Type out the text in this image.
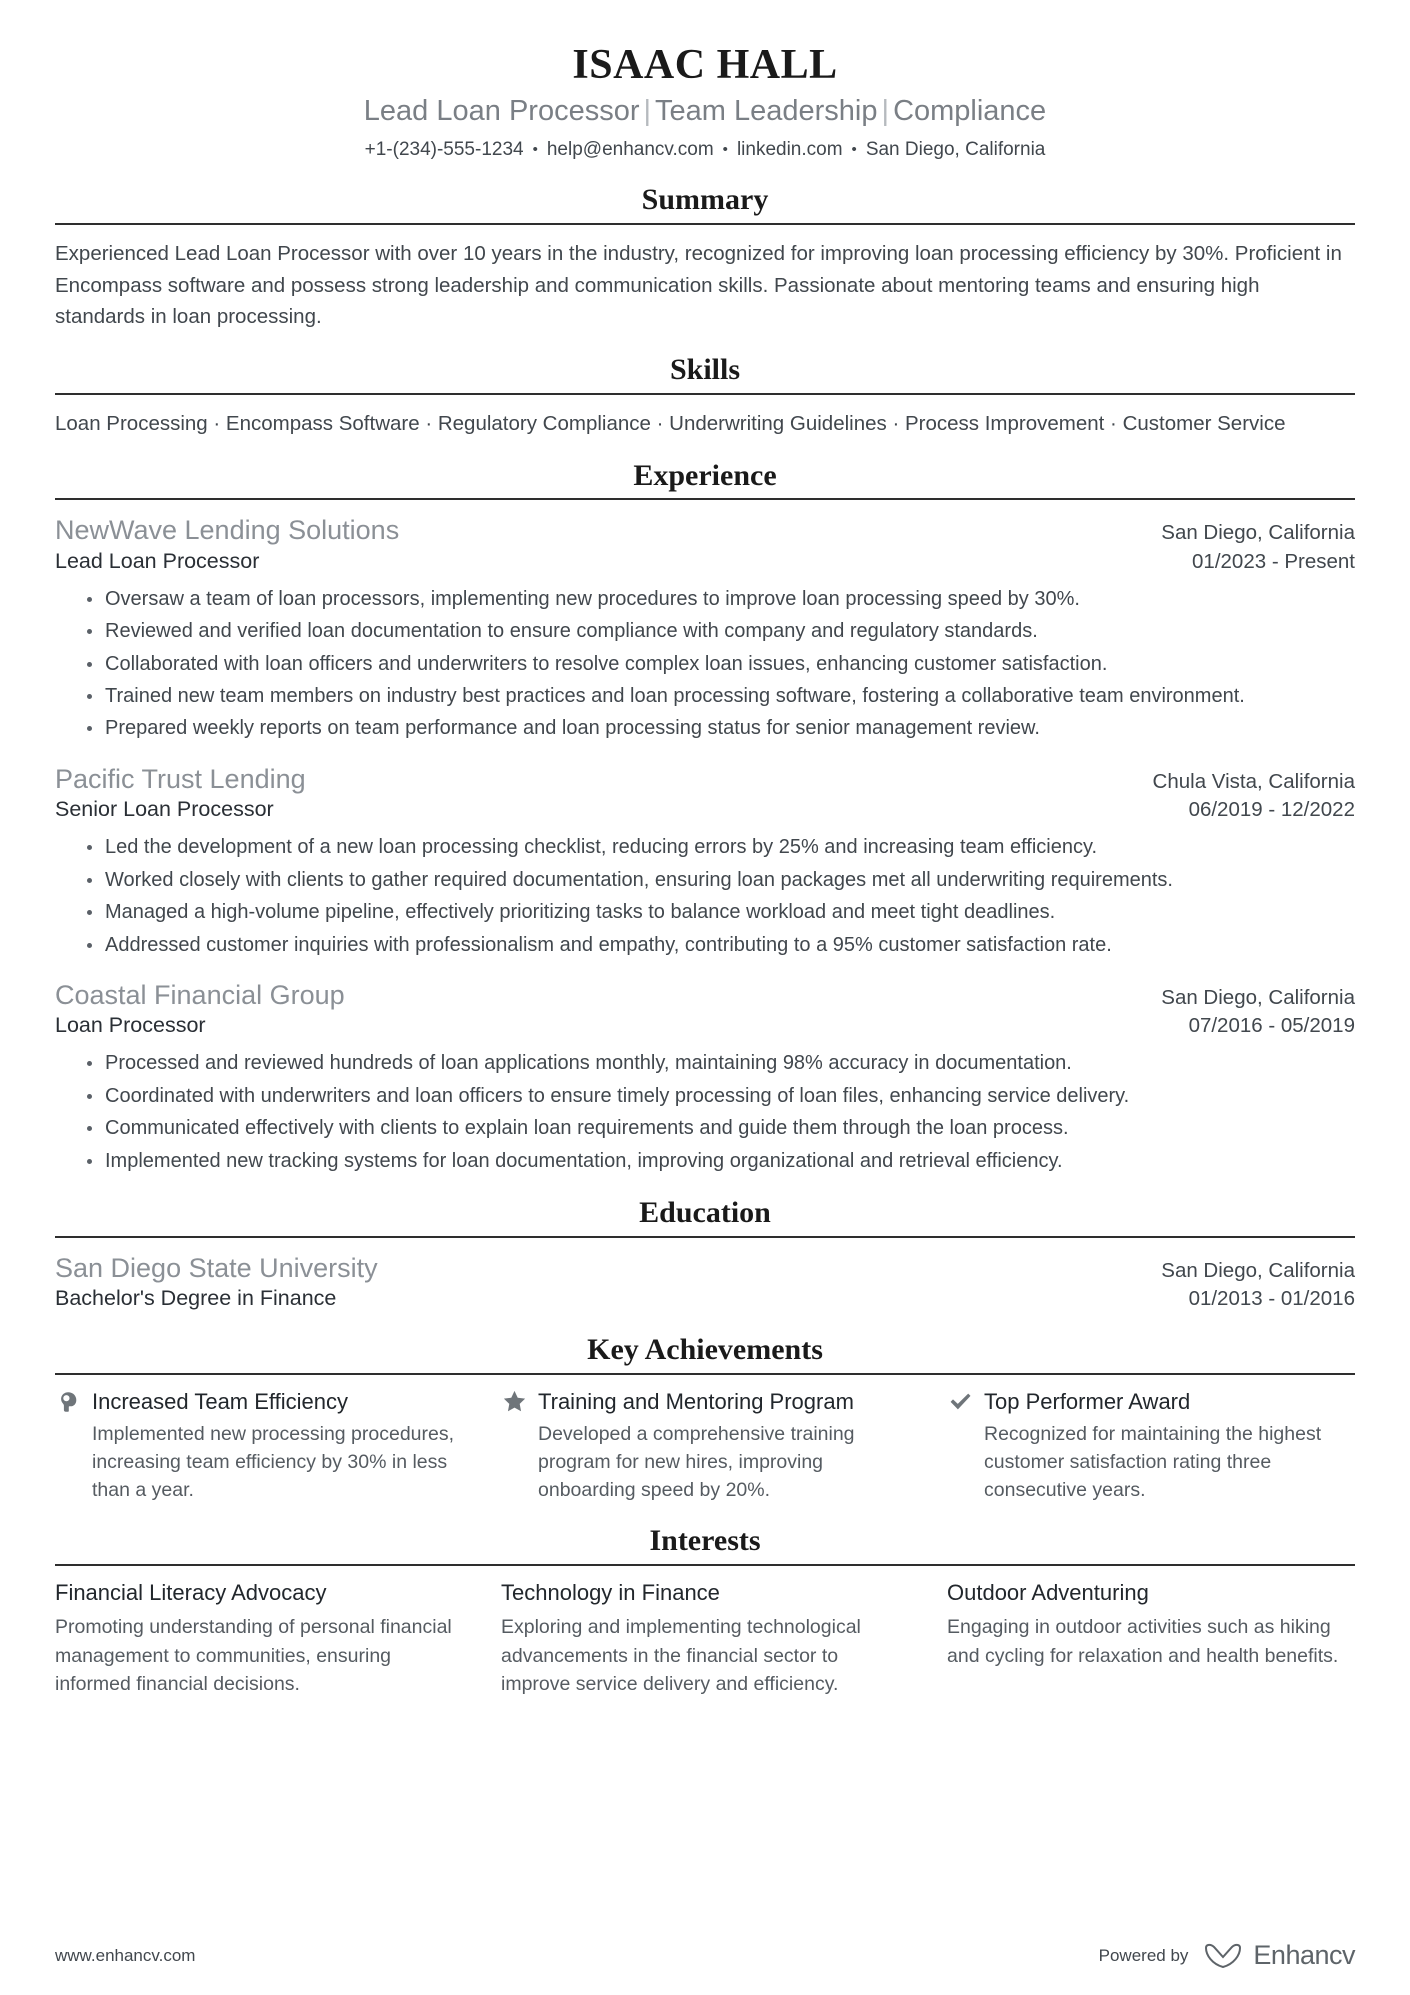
ISAAC HALL
Lead Loan Processor | Team Leadership | Compliance
+1-(234)-555-1234 • help@enhancv.com • linkedin.com • San Diego, California
Summary
Experienced Lead Loan Processor with over 10 years in the industry, recognized for improving loan processing efficiency by 30%. Proficient in Encompass software and possess strong leadership and communication skills. Passionate about mentoring teams and ensuring high standards in loan processing.
Skills
Loan Processing · Encompass Software · Regulatory Compliance · Underwriting Guidelines · Process Improvement · Customer Service
Experience
NewWave Lending Solutions	San Diego, California
Lead Loan Processor	01/2023 - Present
Oversaw a team of loan processors, implementing new procedures to improve loan processing speed by 30%.
Reviewed and verified loan documentation to ensure compliance with company and regulatory standards.
Collaborated with loan officers and underwriters to resolve complex loan issues, enhancing customer satisfaction.
Trained new team members on industry best practices and loan processing software, fostering a collaborative team environment.
Prepared weekly reports on team performance and loan processing status for senior management review.
Pacific Trust Lending	Chula Vista, California
Senior Loan Processor	06/2019 - 12/2022
Led the development of a new loan processing checklist, reducing errors by 25% and increasing team efficiency.
Worked closely with clients to gather required documentation, ensuring loan packages met all underwriting requirements.
Managed a high-volume pipeline, effectively prioritizing tasks to balance workload and meet tight deadlines.
Addressed customer inquiries with professionalism and empathy, contributing to a 95% customer satisfaction rate.
Coastal Financial Group	San Diego, California
Loan Processor	07/2016 - 05/2019
Processed and reviewed hundreds of loan applications monthly, maintaining 98% accuracy in documentation.
Coordinated with underwriters and loan officers to ensure timely processing of loan files, enhancing service delivery.
Communicated effectively with clients to explain loan requirements and guide them through the loan process.
Implemented new tracking systems for loan documentation, improving organizational and retrieval efficiency.
Education
San Diego State University	San Diego, California
Bachelor's Degree in Finance	01/2013 - 01/2016
Key Achievements
Increased Team Efficiency
Implemented new processing procedures, increasing team efficiency by 30% in less than a year.
Training and Mentoring Program
Developed a comprehensive training program for new hires, improving onboarding speed by 20%.
Top Performer Award
Recognized for maintaining the highest customer satisfaction rating three consecutive years.
Interests
Financial Literacy Advocacy
Promoting understanding of personal financial management to communities, ensuring informed financial decisions.
Technology in Finance
Exploring and implementing technological advancements in the financial sector to improve service delivery and efficiency.
Outdoor Adventuring
Engaging in outdoor activities such as hiking and cycling for relaxation and health benefits.
www.enhancv.com	Powered by Enhancv
